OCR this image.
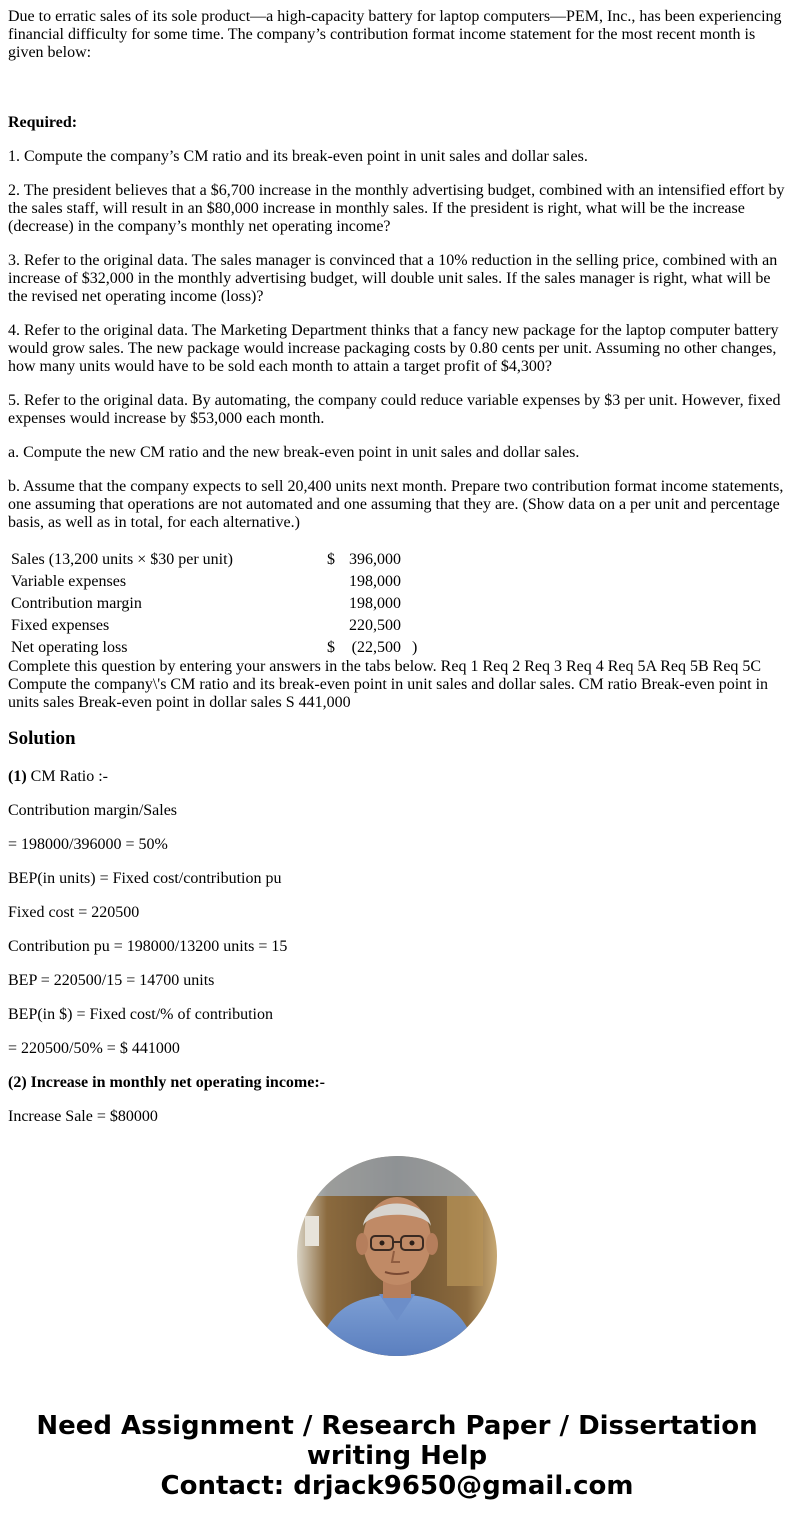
Due to erratic sales of its sole product—a high-capacity battery for laptop computers—PEM, Inc., has been experiencing financial difficulty for some time. The company’s contribution format income statement for the most recent month is given below:

Required:

1. Compute the company’s CM ratio and its break-even point in unit sales and dollar sales.

2. The president believes that a $6,700 increase in the monthly advertising budget, combined with an intensified effort by the sales staff, will result in an $80,000 increase in monthly sales. If the president is right, what will be the increase (decrease) in the company’s monthly net operating income?

3. Refer to the original data. The sales manager is convinced that a 10% reduction in the selling price, combined with an increase of $32,000 in the monthly advertising budget, will double unit sales. If the sales manager is right, what will be the revised net operating income (loss)?

4. Refer to the original data. The Marketing Department thinks that a fancy new package for the laptop computer battery would grow sales. The new package would increase packaging costs by 0.80 cents per unit. Assuming no other changes, how many units would have to be sold each month to attain a target profit of $4,300?

5. Refer to the original data. By automating, the company could reduce variable expenses by $3 per unit. However, fixed expenses would increase by $53,000 each month.

a. Compute the new CM ratio and the new break-even point in unit sales and dollar sales.

b. Assume that the company expects to sell 20,400 units next month. Prepare two contribution format income statements, one assuming that operations are not automated and one assuming that they are. (Show data on a per unit and percentage basis, as well as in total, for each alternative.)

Sales (13,200 units × $30 per unit)	$	396,000	
Variable expenses		198,000	
Contribution margin		198,000	
Fixed expenses		220,500	
Net operating loss	$	(22,500	)
Complete this question by entering your answers in the tabs below. Req 1 Req 2 Req 3 Req 4 Req 5A Req 5B Req 5C Compute the company\'s CM ratio and its break-even point in unit sales and dollar sales. CM ratio Break-even point in units sales Break-even point in dollar sales S 441,000
Solution

(1) CM Ratio :-

Contribution margin/Sales

= 198000/396000 = 50%

BEP(in units) = Fixed cost/contribution pu

Fixed cost = 220500

Contribution pu = 198000/13200 units = 15

BEP = 220500/15 = 14700 units

BEP(in $) = Fixed cost/% of contribution

= 220500/50% = $ 441000

(2) Increase in monthly net operating income:-

Increase Sale = $80000

Need Assignment / Research Paper / Dissertation
writing Help
Contact: drjack9650@gmail.com
